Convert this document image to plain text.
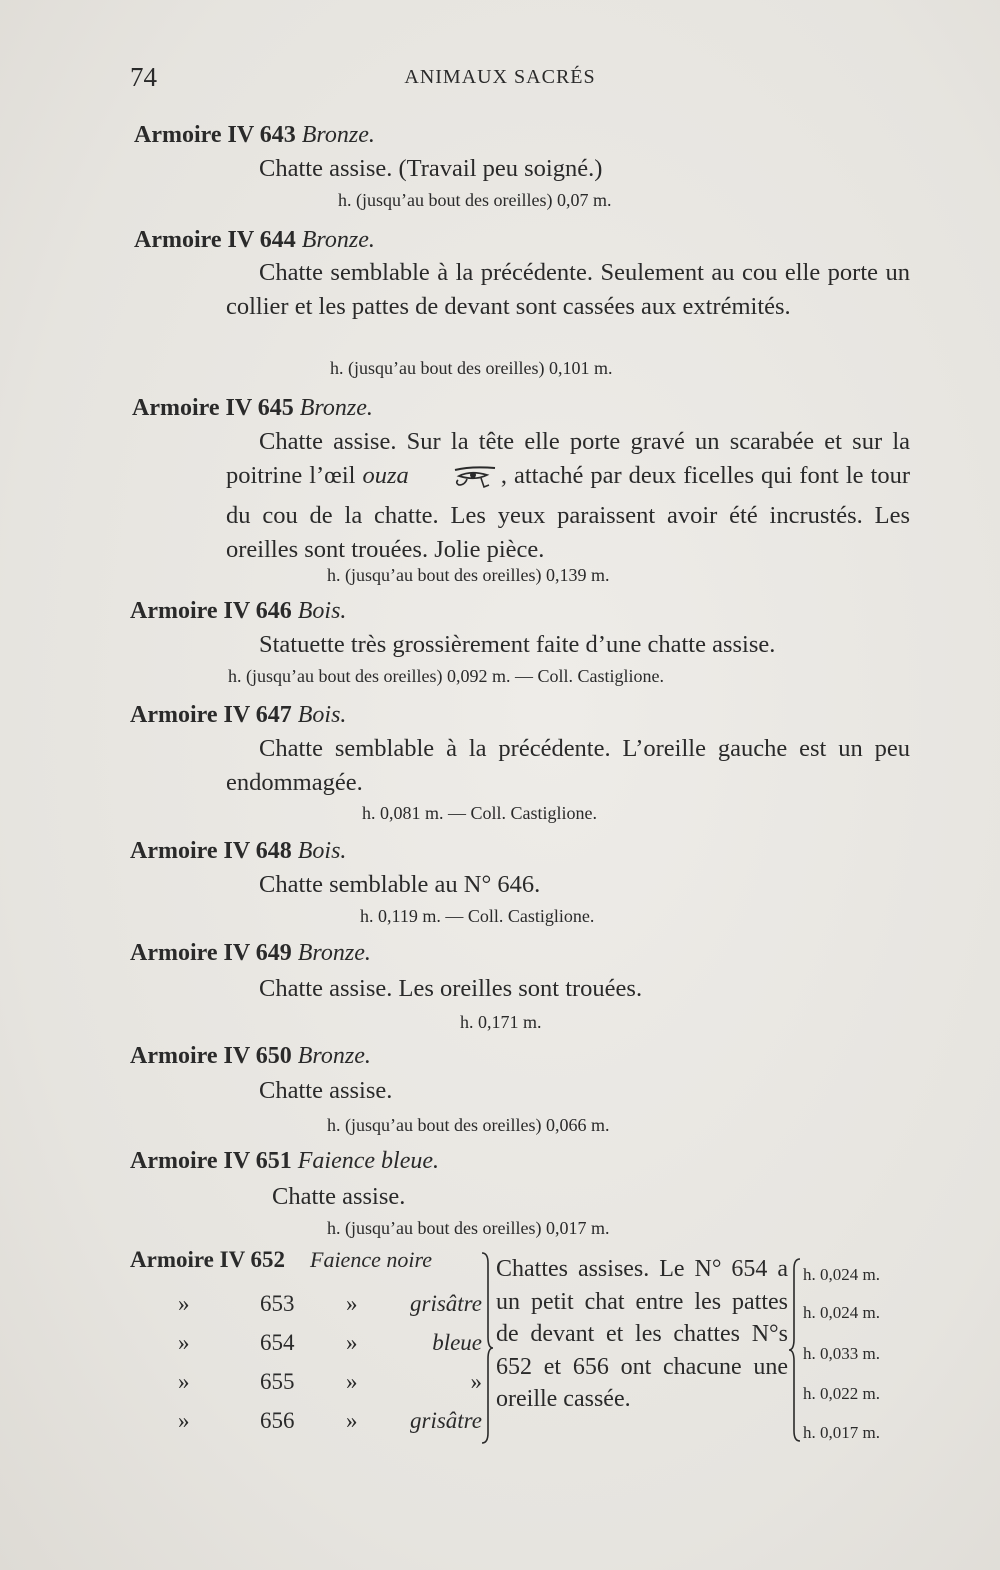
74	ANIMAUX SACRÉS
Armoire IV 643 Bronze.
Chatte assise. (Travail peu soigné.)
h. (jusqu’au bout des oreilles) 0,07 m.
Armoire IV 644 Bronze.
Chatte semblable à la précédente. Seulement au cou elle porte un collier et les pattes de devant sont cassées aux extrémités.
h. (jusqu’au bout des oreilles) 0,101 m.
Armoire IV 645 Bronze.
Chatte assise. Sur la tête elle porte gravé un scarabée et sur la poitrine l’œil ouza	, attaché par deux ficelles qui font le tour du cou de la chatte. Les yeux paraissent avoir été incrustés. Les oreilles sont trouées. Jolie pièce.
h. (jusqu’au bout des oreilles) 0,139 m.
Armoire IV 646 Bois.
Statuette très grossièrement faite d’une chatte assise.
h. (jusqu’au bout des oreilles) 0,092 m. — Coll. Castiglione.
Armoire IV 647 Bois.
Chatte semblable à la précédente. L’oreille gauche est un peu endommagée.
h. 0,081 m. — Coll. Castiglione.
Armoire IV 648 Bois.
Chatte semblable au N° 646.
h. 0,119 m. — Coll. Castiglione.
Armoire IV 649 Bronze.
Chatte assise. Les oreilles sont trouées.
h. 0,171 m.
Armoire IV 650 Bronze.
Chatte assise.
h. (jusqu’au bout des oreilles) 0,066 m.
Armoire IV 651 Faience bleue.
Chatte assise.
h. (jusqu’au bout des oreilles) 0,017 m.
Armoire IV 652 Faience noire
»	653 »	grisâtre
»	654 »	bleue
»	655 »	»
»	656 »	grisâtre
Chattes assises. Le N° 654 a un petit chat entre les pattes de devant et les chattes N°s 652 et 656 ont chacune une oreille cassée.
h. 0,024 m.
h. 0,024 m.
h. 0,033 m.
h. 0,022 m.
h. 0,017 m.
